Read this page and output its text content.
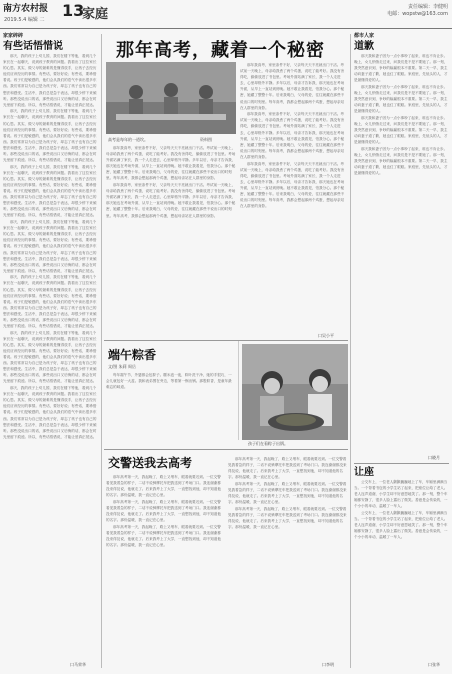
南方农村报
2019.5.4 编辑 二 13
家庭	责任编辑：李健明
电邮：wopstw@163.com
家家碎碎
有些话悟惜说

那天，我的孩子上幼儿园，我们在楼下等他，看到几个家长在一起聊天，说到孩子教育的问题。我看出了这位家长的心思。其实，做父母的最难的是懂得放手，让孩子去经历他们应该经历的事情。有些话，要好好说；有些话，要珍惜着说。孩子们是敏感的，他们会从我们的语气中读出很多东西。我们常常以为自己是为孩子好，却忘了孩子也有自己的想法和感受。生活中，我们总是急于表达，却很少停下来倾听。那些没说出口的话，那些说出口又后悔的话，都会在时光里留下痕迹。所以，有些话悟惜说，才能让爱真正抵达。

那天，我的孩子上幼儿园，我们在楼下等他，看到几个家长在一起聊天，说到孩子教育的问题。我看出了这位家长的心思。其实，做父母的最难的是懂得放手，让孩子去经历他们应该经历的事情。有些话，要好好说；有些话，要珍惜着说。孩子们是敏感的，他们会从我们的语气中读出很多东西。我们常常以为自己是为孩子好，却忘了孩子也有自己的想法和感受。生活中，我们总是急于表达，却很少停下来倾听。那些没说出口的话，那些说出口又后悔的话，都会在时光里留下痕迹。所以，有些话悟惜说，才能让爱真正抵达。

那天，我的孩子上幼儿园，我们在楼下等他，看到几个家长在一起聊天，说到孩子教育的问题。我看出了这位家长的心思。其实，做父母的最难的是懂得放手，让孩子去经历他们应该经历的事情。有些话，要好好说；有些话，要珍惜着说。孩子们是敏感的，他们会从我们的语气中读出很多东西。我们常常以为自己是为孩子好，却忘了孩子也有自己的想法和感受。生活中，我们总是急于表达，却很少停下来倾听。那些没说出口的话，那些说出口又后悔的话，都会在时光里留下痕迹。所以，有些话悟惜说，才能让爱真正抵达。

那天，我的孩子上幼儿园，我们在楼下等他，看到几个家长在一起聊天，说到孩子教育的问题。我看出了这位家长的心思。其实，做父母的最难的是懂得放手，让孩子去经历他们应该经历的事情。有些话，要好好说；有些话，要珍惜着说。孩子们是敏感的，他们会从我们的语气中读出很多东西。我们常常以为自己是为孩子好，却忘了孩子也有自己的想法和感受。生活中，我们总是急于表达，却很少停下来倾听。那些没说出口的话，那些说出口又后悔的话，都会在时光里留下痕迹。所以，有些话悟惜说，才能让爱真正抵达。

那天，我的孩子上幼儿园，我们在楼下等他，看到几个家长在一起聊天，说到孩子教育的问题。我看出了这位家长的心思。其实，做父母的最难的是懂得放手，让孩子去经历他们应该经历的事情。有些话，要好好说；有些话，要珍惜着说。孩子们是敏感的，他们会从我们的语气中读出很多东西。我们常常以为自己是为孩子好，却忘了孩子也有自己的想法和感受。生活中，我们总是急于表达，却很少停下来倾听。那些没说出口的话，那些说出口又后悔的话，都会在时光里留下痕迹。所以，有些话悟惜说，才能让爱真正抵达。

那天，我的孩子上幼儿园，我们在楼下等他，看到几个家长在一起聊天，说到孩子教育的问题。我看出了这位家长的心思。其实，做父母的最难的是懂得放手，让孩子去经历他们应该经历的事情。有些话，要好好说；有些话，要珍惜着说。孩子们是敏感的，他们会从我们的语气中读出很多东西。我们常常以为自己是为孩子好，却忘了孩子也有自己的想法和感受。生活中，我们总是急于表达，却很少停下来倾听。那些没说出口的话，那些说出口又后悔的话，都会在时光里留下痕迹。所以，有些话悟惜说，才能让爱真正抵达。

那天，我的孩子上幼儿园，我们在楼下等他，看到几个家长在一起聊天，说到孩子教育的问题。我看出了这位家长的心思。其实，做父母的最难的是懂得放手，让孩子去经历他们应该经历的事情。有些话，要好好说；有些话，要珍惜着说。孩子们是敏感的，他们会从我们的语气中读出很多东西。我们常常以为自己是为孩子好，却忘了孩子也有自己的想法和感受。生活中，我们总是急于表达，却很少停下来倾听。那些没说出口的话，那些说出口又后悔的话，都会在时光里留下痕迹。所以，有些话悟惜说，才能让爱真正抵达。

口马荣华
那年高考，藏着一个秘密
高考是每年的一道坎。	资料图

那年我高考，家里条件不好，父亲每天天不亮就出门干活。考试前一天晚上，母亲给我煮了两个鸡蛋，说吃了能考好。我没有舍得吃，偷偷放进了书包里。考场外面站满了家长，我一个人走进去，心里却格外平静。多年以后，母亲才告诉我，那天她也在考场外面，从早上一直站到傍晚。她不敢让我看见，怕我分心。那个秘密，她藏了整整十年。后来我明白，父母的爱，往往就藏在那些不说出口的时刻里。每年高考，我都会想起那两个鸡蛋，想起母亲站在人群里的身影。

那年我高考，家里条件不好，父亲每天天不亮就出门干活。考试前一天晚上，母亲给我煮了两个鸡蛋，说吃了能考好。我没有舍得吃，偷偷放进了书包里。考场外面站满了家长，我一个人走进去，心里却格外平静。多年以后，母亲才告诉我，那天她也在考场外面，从早上一直站到傍晚。她不敢让我看见，怕我分心。那个秘密，她藏了整整十年。后来我明白，父母的爱，往往就藏在那些不说出口的时刻里。每年高考，我都会想起那两个鸡蛋，想起母亲站在人群里的身影。

那年我高考，家里条件不好，父亲每天天不亮就出门干活。考试前一天晚上，母亲给我煮了两个鸡蛋，说吃了能考好。我没有舍得吃，偷偷放进了书包里。考场外面站满了家长，我一个人走进去，心里却格外平静。多年以后，母亲才告诉我，那天她也在考场外面，从早上一直站到傍晚。她不敢让我看见，怕我分心。那个秘密，她藏了整整十年。后来我明白，父母的爱，往往就藏在那些不说出口的时刻里。每年高考，我都会想起那两个鸡蛋，想起母亲站在人群里的身影。

那年我高考，家里条件不好，父亲每天天不亮就出门干活。考试前一天晚上，母亲给我煮了两个鸡蛋，说吃了能考好。我没有舍得吃，偷偷放进了书包里。考场外面站满了家长，我一个人走进去，心里却格外平静。多年以后，母亲才告诉我，那天她也在考场外面，从早上一直站到傍晚。她不敢让我看见，怕我分心。那个秘密，她藏了整整十年。后来我明白，父母的爱，往往就藏在那些不说出口的时刻里。每年高考，我都会想起那两个鸡蛋，想起母亲站在人群里的身影。

那年我高考，家里条件不好，父亲每天天不亮就出门干活。考试前一天晚上，母亲给我煮了两个鸡蛋，说吃了能考好。我没有舍得吃，偷偷放进了书包里。考场外面站满了家长，我一个人走进去，心里却格外平静。多年以后，母亲才告诉我，那天她也在考场外面，从早上一直站到傍晚。她不敢让我看见，怕我分心。那个秘密，她藏了整整十年。后来我明白，父母的爱，往往就藏在那些不说出口的时刻里。每年高考，我都会想起那两个鸡蛋，想起母亲站在人群里的身影。

口吴小平
端午粽香
文/图 朱莉 周岳

每年端午节，外婆都会包粽子。糯米泡一夜，粽叶洗干净，她的手很巧，一会儿就包好一大盆。我和表弟围在旁边，等着第一锅出锅。那股粽香，是童年最难忘的味道。

孩子们在看粽子出锅。
交警送我去高考

那年高考第一天，我起晚了，路上又堵车，眼看就要迟到。一位交警看见我着急的样子，二话不说骑摩托车把我送到了考场门口。我连谢谢都没来得及说，他就走了。后来我考上了大学，一直想找到他，却不知道他的名字。那份温暖，我一直记在心里。

那年高考第一天，我起晚了，路上又堵车，眼看就要迟到。一位交警看见我着急的样子，二话不说骑摩托车把我送到了考场门口。我连谢谢都没来得及说，他就走了。后来我考上了大学，一直想找到他，却不知道他的名字。那份温暖，我一直记在心里。

那年高考第一天，我起晚了，路上又堵车，眼看就要迟到。一位交警看见我着急的样子，二话不说骑摩托车把我送到了考场门口。我连谢谢都没来得及说，他就走了。后来我考上了大学，一直想找到他，却不知道他的名字。那份温暖，我一直记在心里。

那年高考第一天，我起晚了，路上又堵车，眼看就要迟到。一位交警看见我着急的样子，二话不说骑摩托车把我送到了考场门口。我连谢谢都没来得及说，他就走了。后来我考上了大学，一直想找到他，却不知道他的名字。那份温暖，我一直记在心里。

那年高考第一天，我起晚了，路上又堵车，眼看就要迟到。一位交警看见我着急的样子，二话不说骑摩托车把我送到了考场门口。我连谢谢都没来得及说，他就走了。后来我考上了大学，一直想找到他，却不知道他的名字。那份温暖，我一直记在心里。

那年高考第一天，我起晚了，路上又堵车，眼看就要迟到。一位交警看见我着急的样子，二话不说骑摩托车把我送到了考场门口。我连谢谢都没来得及说，他就走了。后来我考上了大学，一直想找到他，却不知道他的名字。那份温暖，我一直记在心里。

口李明
都市人家
道歉

那天我和妻子因为一点小事吵了起来，谁也不肯让步。晚上，女儿悄悄走过来，问我们是不是不要她了。那一刻，我突然意识到，争吵的输赢根本不重要。第二天一早，我主动向妻子道了歉，她也红了眼眶。家庭里，先低头的人，才是最懂得爱的人。

那天我和妻子因为一点小事吵了起来，谁也不肯让步。晚上，女儿悄悄走过来，问我们是不是不要她了。那一刻，我突然意识到，争吵的输赢根本不重要。第二天一早，我主动向妻子道了歉，她也红了眼眶。家庭里，先低头的人，才是最懂得爱的人。

那天我和妻子因为一点小事吵了起来，谁也不肯让步。晚上，女儿悄悄走过来，问我们是不是不要她了。那一刻，我突然意识到，争吵的输赢根本不重要。第二天一早，我主动向妻子道了歉，她也红了眼眶。家庭里，先低头的人，才是最懂得爱的人。

那天我和妻子因为一点小事吵了起来，谁也不肯让步。晚上，女儿悄悄走过来，问我们是不是不要她了。那一刻，我突然意识到，争吵的输赢根本不重要。第二天一早，我主动向妻子道了歉，她也红了眼眶。家庭里，先低头的人，才是最懂得爱的人。

口晓月
让座

公交车上，一位老人颤颤巍巍地上了车，车厢里满满当当。一个背着书包的小学生站了起来，把座位让给了老人。老人连声道谢，小学生却不好意思地笑了。那一刻，整个车厢都安静了，很多人脸上露出了微笑。善意是会传染的，一个小小的举动，温暖了一车人。

公交车上，一位老人颤颤巍巍地上了车，车厢里满满当当。一个背着书包的小学生站了起来，把座位让给了老人。老人连声道谢，小学生却不好意思地笑了。那一刻，整个车厢都安静了，很多人脸上露出了微笑。善意是会传染的，一个小小的举动，温暖了一车人。

口张华
